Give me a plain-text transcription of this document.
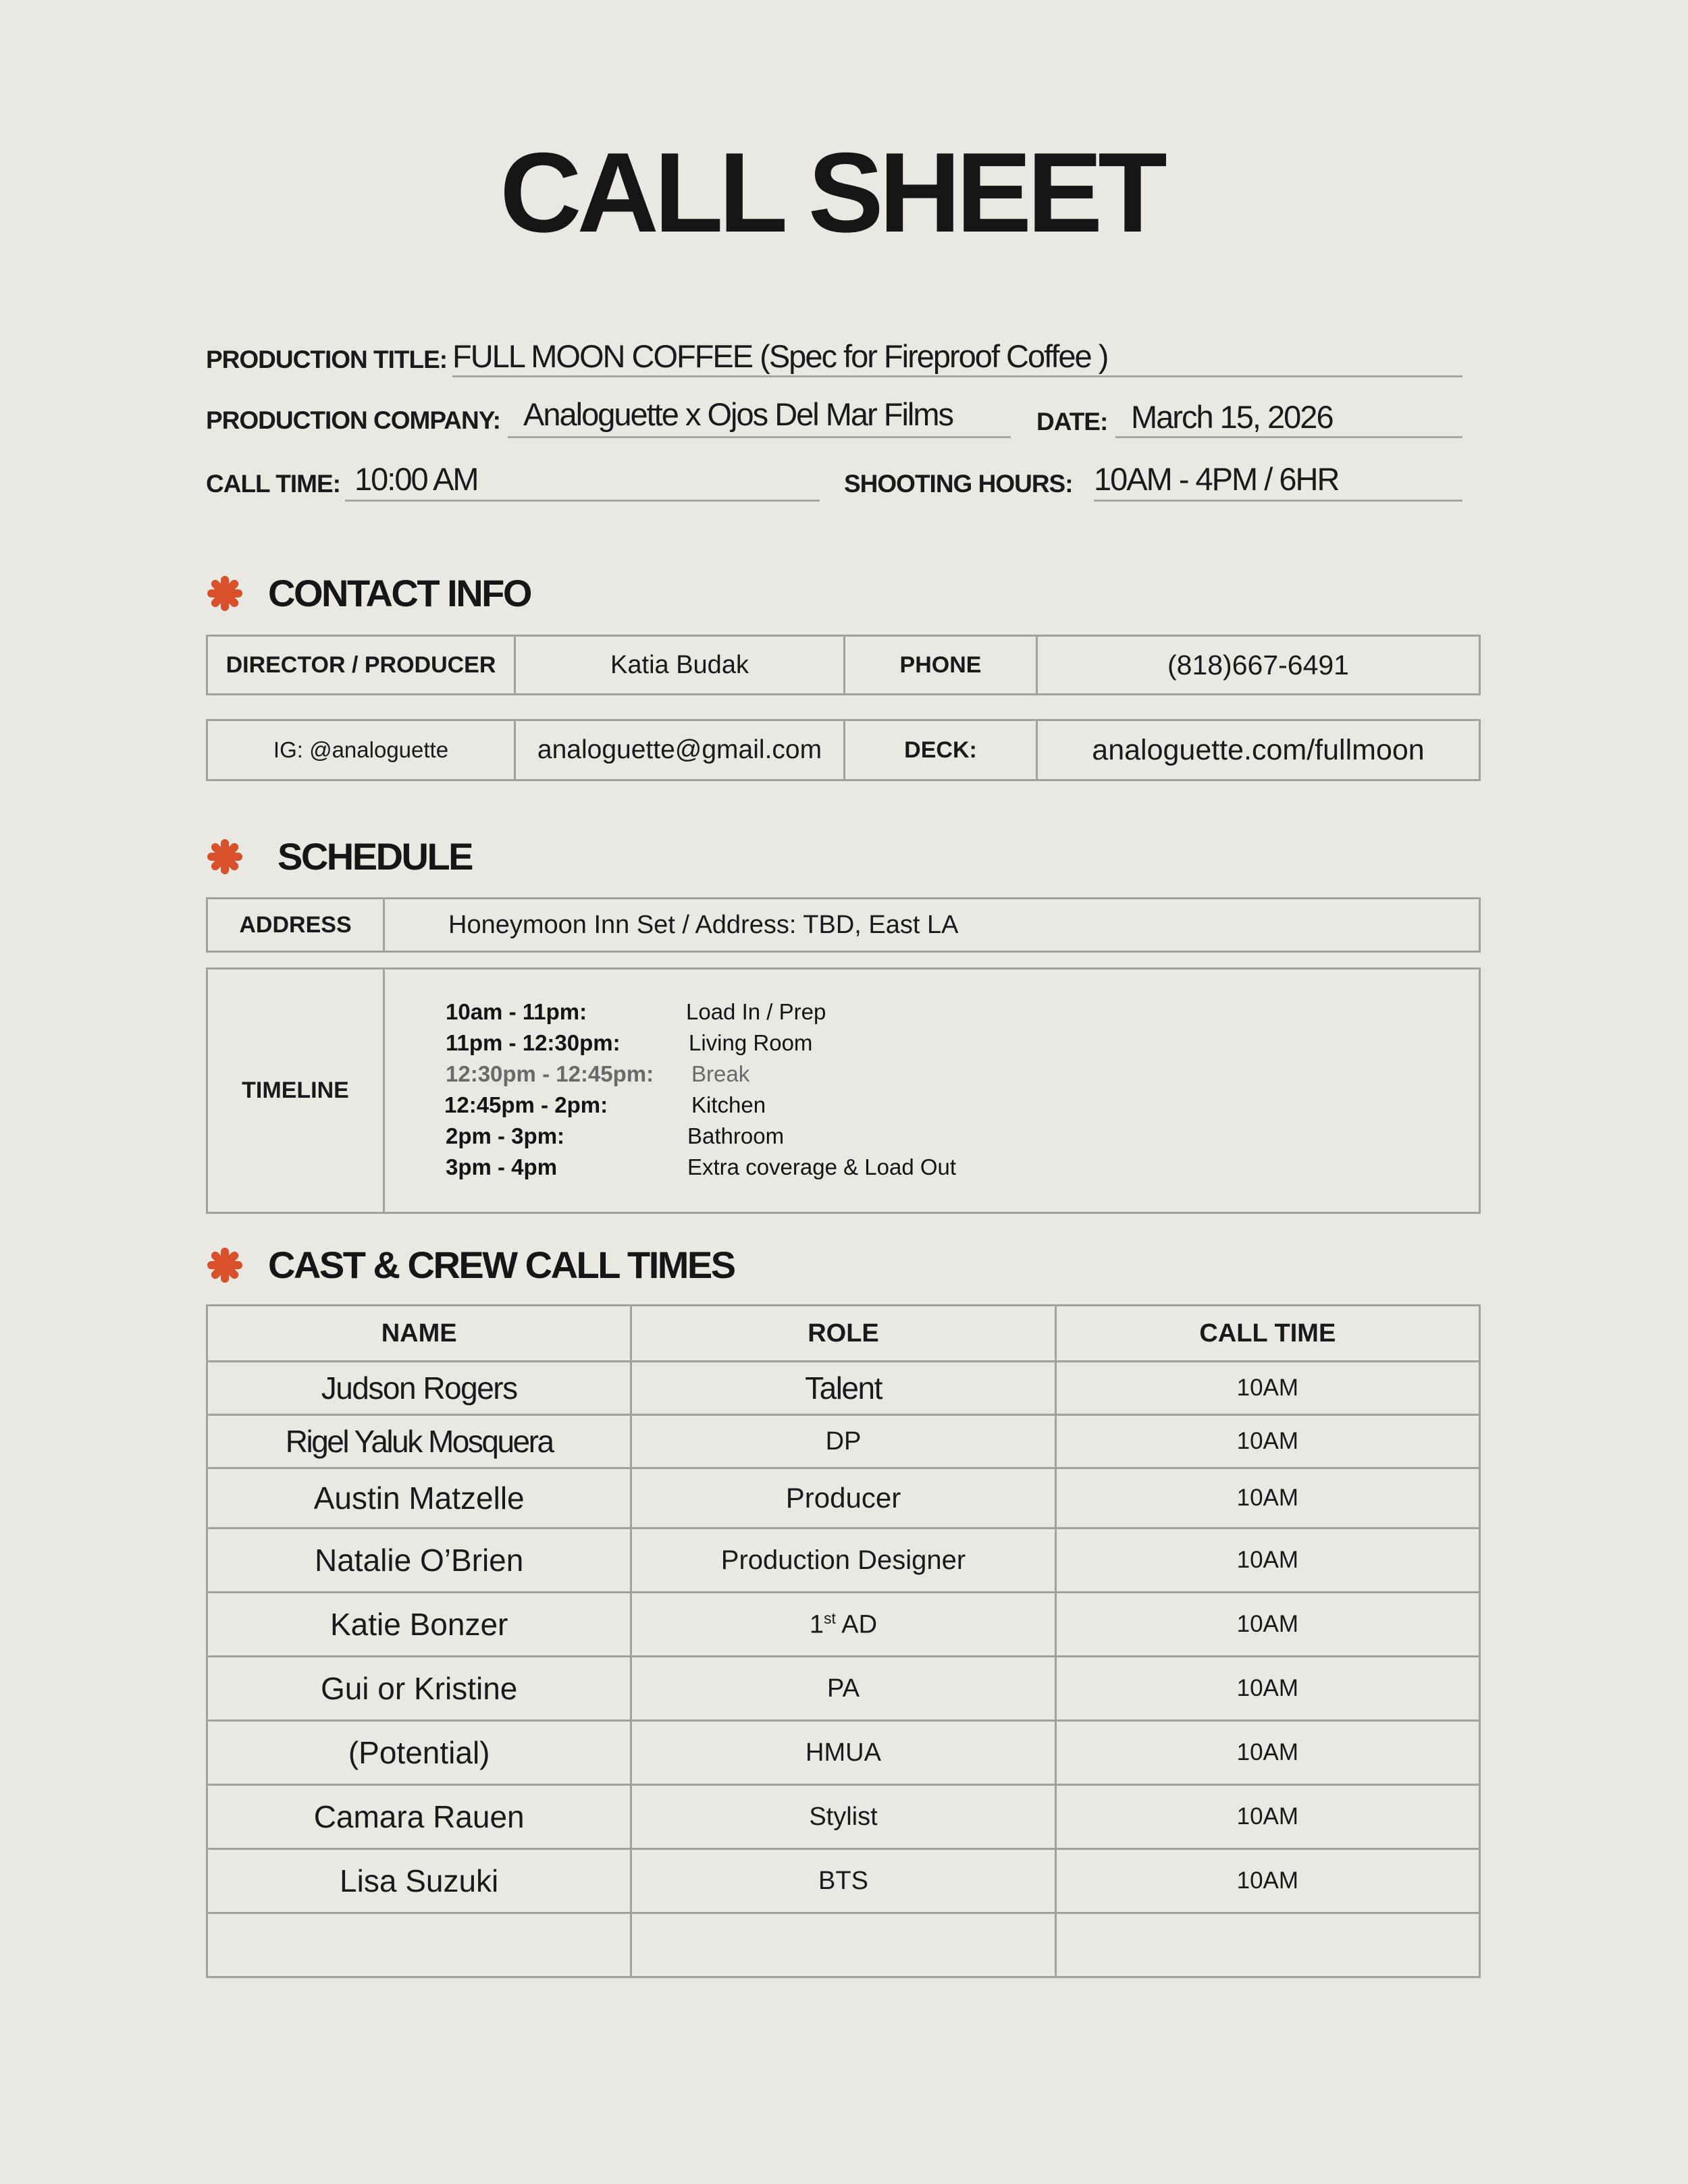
CALL SHEET
PRODUCTION TITLE: FULL MOON COFFEE (Spec for Fireproof Coffee )
PRODUCTION COMPANY: Analoguette x Ojos Del Mar Films	DATE: March 15, 2026
CALL TIME: 10:00 AM	SHOOTING HOURS: 10AM - 4PM / 6HR
CONTACT INFO
DIRECTOR / PRODUCER	Katia Budak	PHONE	(818)667-6491
IG: @analoguette	analoguette@gmail.com	DECK:	analoguette.com/fullmoon
SCHEDULE
ADDRESS	Honeymoon Inn Set / Address: TBD, East LA
TIMELINE
10am - 11pm:	Load In / Prep
11pm - 12:30pm:	Living Room
12:30pm - 12:45pm:	Break
12:45pm - 2pm:	Kitchen
2pm - 3pm:	Bathroom
3pm - 4pm	Extra coverage & Load Out
CAST & CREW CALL TIMES
NAME	ROLE	CALL TIME
Judson Rogers	Talent	10AM
Rigel Yaluk Mosquera	DP	10AM
Austin Matzelle	Producer	10AM
Natalie O’Brien	Production Designer	10AM
Katie Bonzer	1st AD	10AM
Gui or Kristine	PA	10AM
(Potential)	HMUA	10AM
Camara Rauen	Stylist	10AM
Lisa Suzuki	BTS	10AM
